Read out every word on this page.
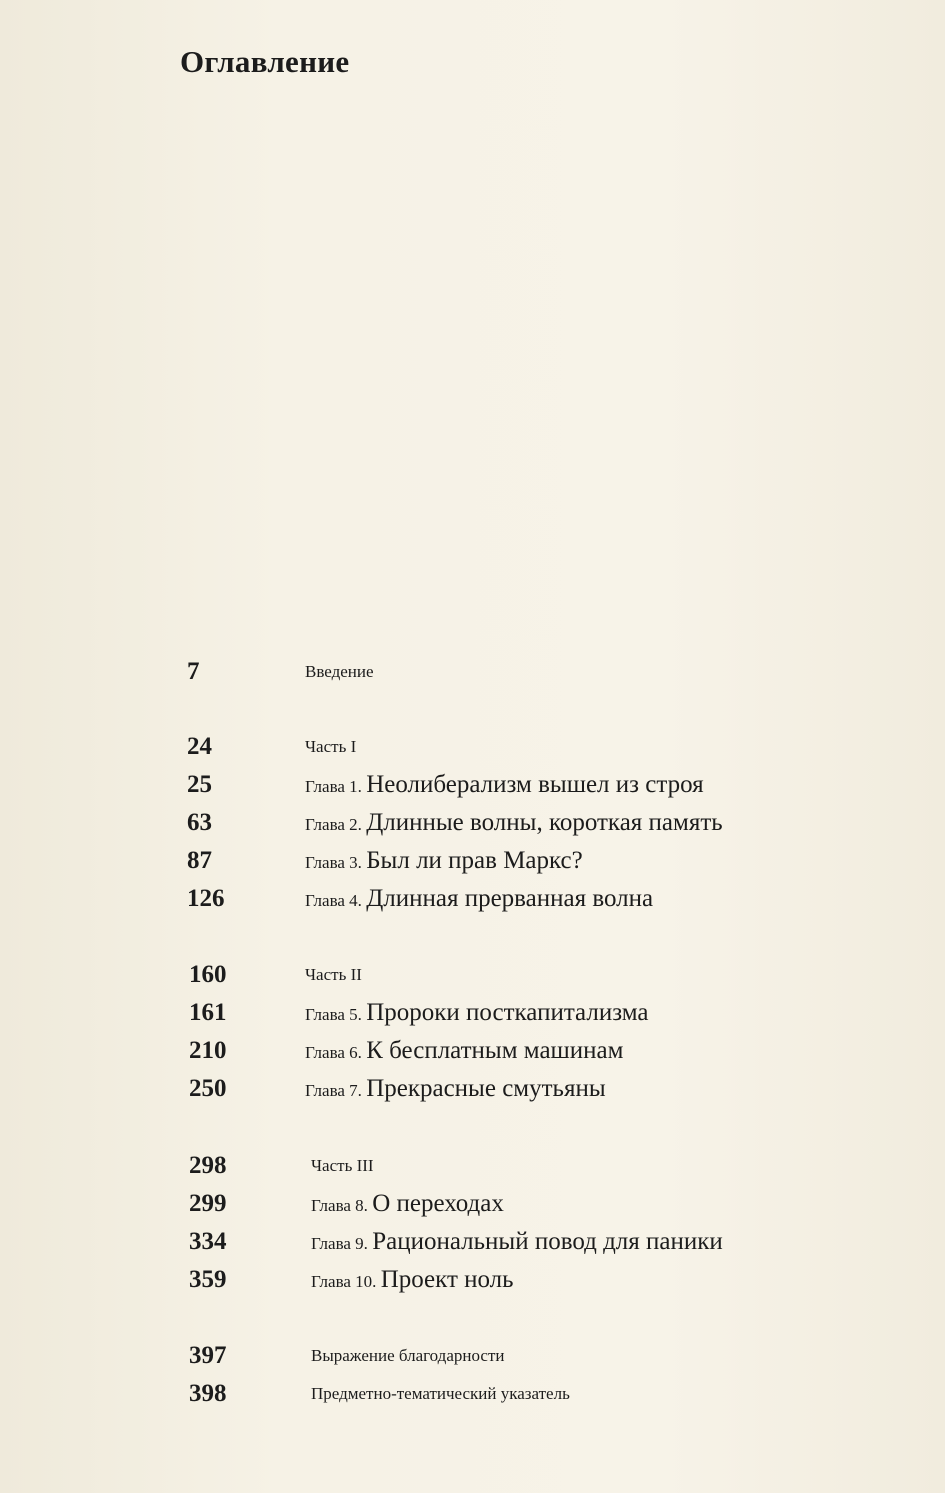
Оглавление
7	Введение
24	Часть I
25	Глава 1. Неолиберализм вышел из строя
63	Глава 2. Длинные волны, короткая память
87	Глава 3. Был ли прав Маркс?
126	Глава 4. Длинная прерванная волна
160	Часть II
161	Глава 5. Пророки посткапитализма
210	Глава 6. К бесплатным машинам
250	Глава 7. Прекрасные смутьяны
298	Часть III
299	Глава 8. О переходах
334	Глава 9. Рациональный повод для паники
359	Глава 10. Проект ноль
397	Выражение благодарности
398	Предметно-тематический указатель
